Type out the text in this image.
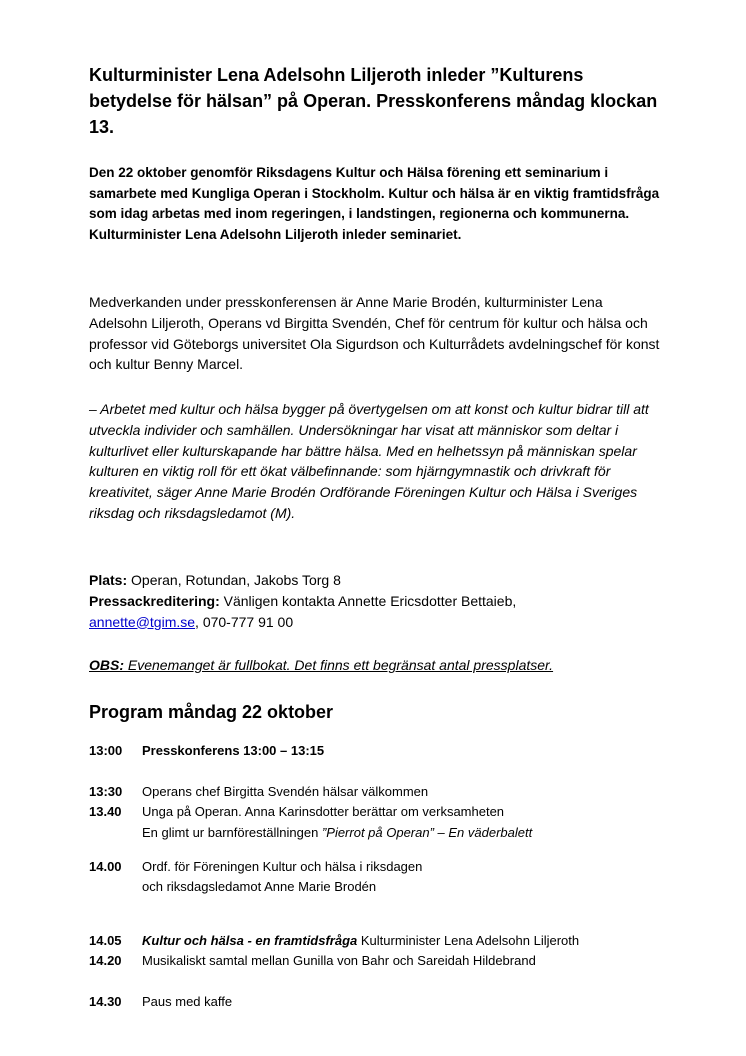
Kulturminister Lena Adelsohn Liljeroth inleder ”Kulturens betydelse för hälsan” på Operan. Presskonferens måndag klockan 13.

Den 22 oktober genomför Riksdagens Kultur och Hälsa förening ett seminarium i samarbete med Kungliga Operan i Stockholm. Kultur och hälsa är en viktig framtidsfråga som idag arbetas med inom regeringen, i landstingen, regionerna och kommunerna. Kulturminister Lena Adelsohn Liljeroth inleder seminariet.

Medverkanden under presskonferensen är Anne Marie Brodén, kulturminister Lena Adelsohn Liljeroth, Operans vd Birgitta Svendén, Chef för centrum för kultur och hälsa och professor vid Göteborgs universitet Ola Sigurdson och Kulturrådets avdelningschef för konst och kultur Benny Marcel.

– Arbetet med kultur och hälsa bygger på övertygelsen om att konst och kultur bidrar till att utveckla individer och samhällen. Undersökningar har visat att människor som deltar i kulturlivet eller kulturskapande har bättre hälsa. Med en helhetssyn på människan spelar kulturen en viktig roll för ett ökat välbefinnande: som hjärngymnastik och drivkraft för kreativitet, säger Anne Marie Brodén Ordförande Föreningen Kultur och Hälsa i Sveriges riksdag och riksdagsledamot (M).

Plats: Operan, Rotundan, Jakobs Torg 8
Pressackreditering: Vänligen kontakta Annette Ericsdotter Bettaieb,
annette@tgim.se, 070-777 91 00
OBS: Evenemanget är fullbokat. Det finns ett begränsat antal pressplatser.
Program måndag 22 oktober
13:00	Presskonferens 13:00 – 13:15
13:30	Operans chef Birgitta Svendén hälsar välkommen
13.40	Unga på Operan. Anna Karinsdotter berättar om verksamheten
En glimt ur barnföreställningen ”Pierrot på Operan” – En väderbalett
14.00	Ordf. för Föreningen Kultur och hälsa i riksdagen
och riksdagsledamot Anne Marie Brodén
14.05	Kultur och hälsa - en framtidsfråga Kulturminister Lena Adelsohn Liljeroth
14.20	Musikaliskt samtal mellan Gunilla von Bahr och Sareidah Hildebrand
14.30	Paus med kaffe
